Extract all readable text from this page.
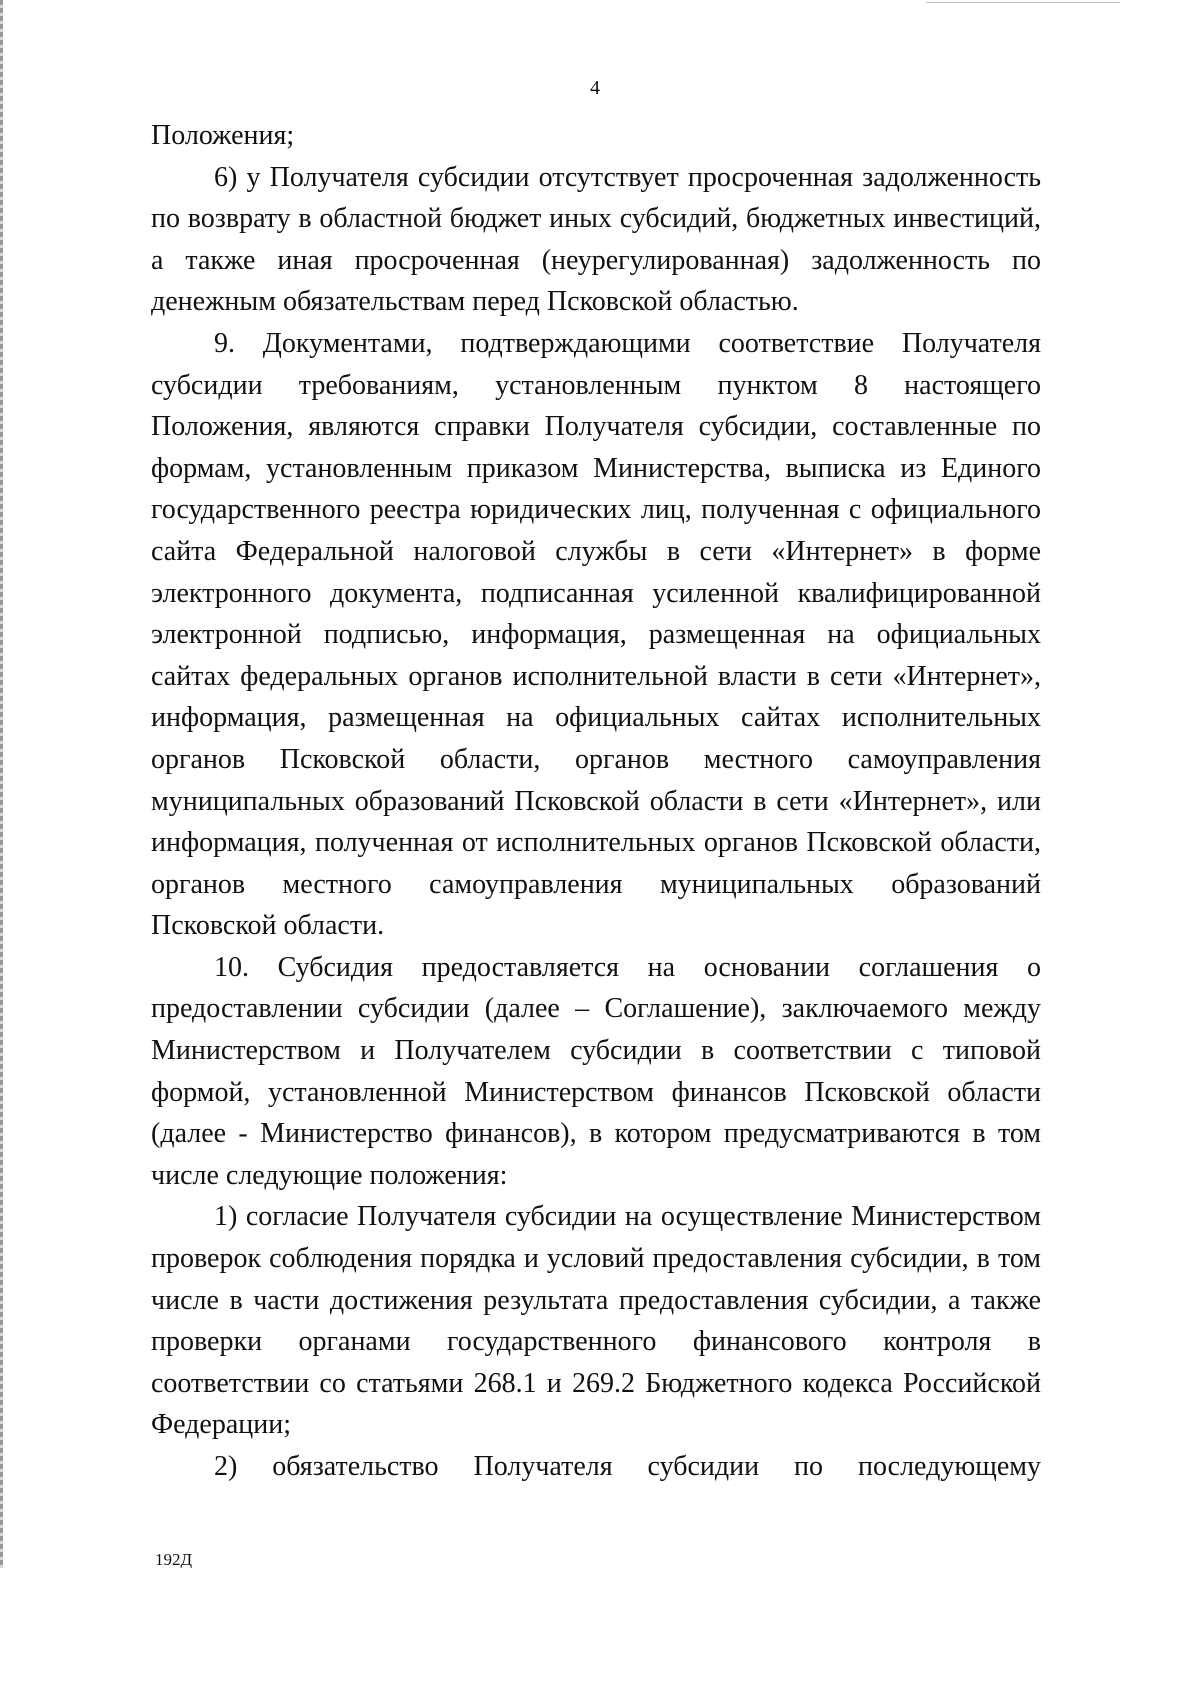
4

Положения;

6) у Получателя субсидии отсутствует просроченная задолженность по возврату в областной бюджет иных субсидий, бюджетных инвестиций, а также иная просроченная (неурегулированная) задолженность по денежным обязательствам перед Псковской областью.

9. Документами, подтверждающими соответствие Получателя субсидии требованиям, установленным пунктом 8 настоящего Положения, являются справки Получателя субсидии, составленные по формам, установленным приказом Министерства, выписка из Единого государственного реестра юридических лиц, полученная с официального сайта Федеральной налоговой службы в сети «Интернет» в форме электронного документа, подписанная усиленной квалифицированной электронной подписью, информация, размещенная на официальных сайтах федеральных органов исполнительной власти в сети «Интернет», информация, размещенная на официальных сайтах исполнительных органов Псковской области, органов местного самоуправления муниципальных образований Псковской области в сети «Интернет», или информация, полученная от исполнительных органов Псковской области, органов местного самоуправления муниципальных образований Псковской области.

10. Субсидия предоставляется на основании соглашения о предоставлении субсидии (далее – Соглашение), заключаемого между Министерством и Получателем субсидии в соответствии с типовой формой, установленной Министерством финансов Псковской области (далее - Министерство финансов), в котором предусматриваются в том числе следующие положения:

1) согласие Получателя субсидии на осуществление Министерством проверок соблюдения порядка и условий предоставления субсидии, в том числе в части достижения результата предоставления субсидии, а также проверки органами государственного финансового контроля в соответствии со статьями 268.1 и 269.2 Бюджетного кодекса Российской Федерации;

2) обязательство Получателя субсидии по последующему

192Д
